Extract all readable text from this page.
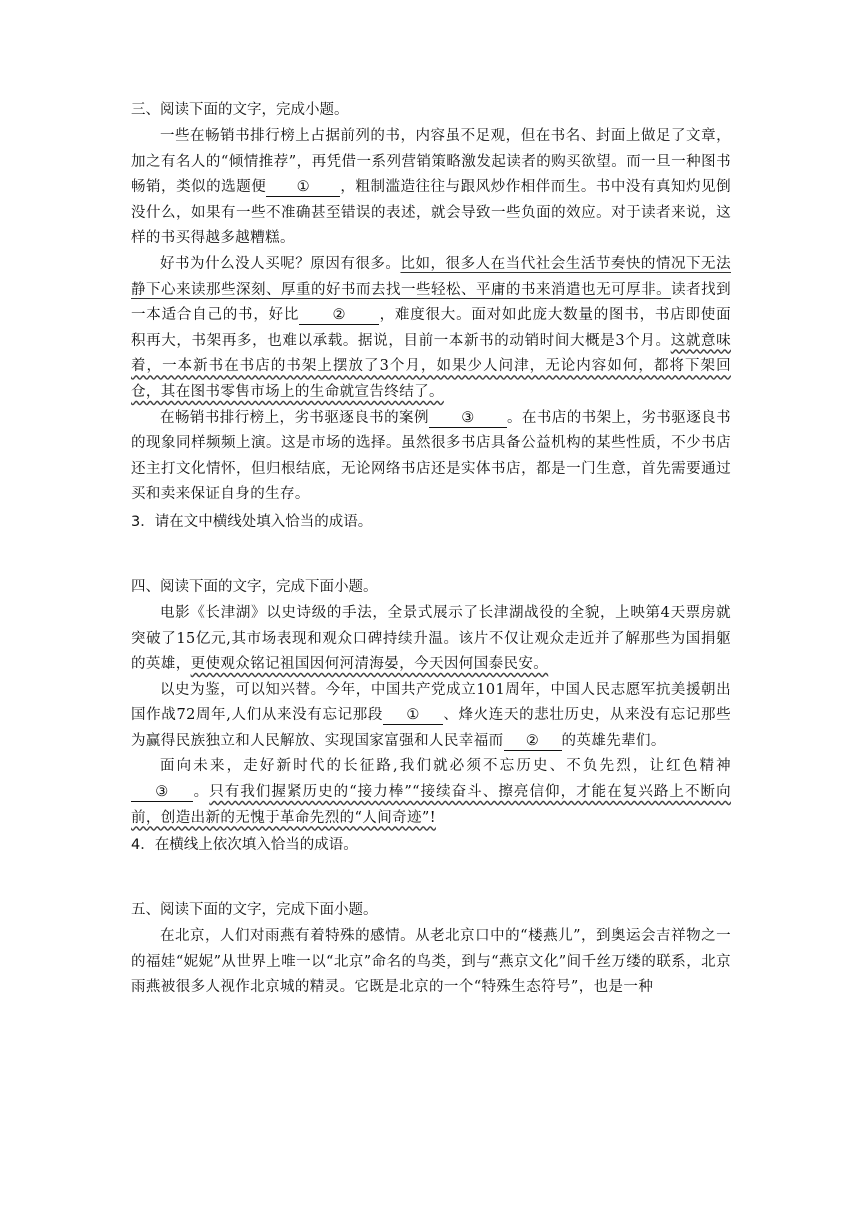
三、阅读下面的文字，完成小题。

一些在畅销书排行榜上占据前列的书，内容虽不足观，但在书名、封面上做足了文章，加之有名人的“倾情推荐”，再凭借一系列营销策略激发起读者的购买欲望。而一旦一种图书畅销，类似的选题便 ① ，粗制滥造往往与跟风炒作相伴而生。书中没有真知灼见倒没什么，如果有一些不准确甚至错误的表述，就会导致一些负面的效应。对于读者来说，这样的书买得越多越糟糕。

好书为什么没人买呢？原因有很多。比如，很多人在当代社会生活节奏快的情况下无法静下心来读那些深刻、厚重的好书而去找一些轻松、平庸的书来消遣也无可厚非。读者找到一本适合自己的书，好比 ② ，难度很大。面对如此庞大数量的图书，书店即使面积再大，书架再多，也难以承载。据说，目前一本新书的动销时间大概是3个月。这就意味着，一本新书在书店的书架上摆放了3个月，如果少人问津，无论内容如何，都将下架回仓，其在图书零售市场上的生命就宣告终结了。

在畅销书排行榜上，劣书驱逐良书的案例 ③ 。在书店的书架上，劣书驱逐良书的现象同样频频上演。这是市场的选择。虽然很多书店具备公益机构的某些性质，不少书店还主打文化情怀，但归根结底，无论网络书店还是实体书店，都是一门生意，首先需要通过买和卖来保证自身的生存。

3．请在文中横线处填入恰当的成语。

四、阅读下面的文字，完成下面小题。

电影《长津湖》以史诗级的手法，全景式展示了长津湖战役的全貌，上映第4天票房就突破了15亿元,其市场表现和观众口碑持续升温。该片不仅让观众走近并了解那些为国捐躯的英雄，更使观众铭记祖国因何河清海晏，今天因何国泰民安。

以史为鉴，可以知兴替。今年，中国共产党成立101周年，中国人民志愿军抗美援朝出国作战72周年,人们从来没有忘记那段 ① 、烽火连天的悲壮历史，从来没有忘记那些为赢得民族独立和人民解放、实现国家富强和人民幸福而 ② 的英雄先辈们。

面向未来，走好新时代的长征路,我们就必须不忘历史、不负先烈，让红色精神③ 。只有我们握紧历史的“接力棒”“接续奋斗、擦亮信仰，才能在复兴路上不断向前，创造出新的无愧于革命先烈的“人间奇迹”!

4．在横线上依次填入恰当的成语。

五、阅读下面的文字，完成下面小题。

在北京，人们对雨燕有着特殊的感情。从老北京口中的“楼燕儿”，到奥运会吉祥物之一的福娃“妮妮”从世界上唯一以“北京”命名的鸟类，到与“燕京文化”间千丝万缕的联系，北京雨燕被很多人视作北京城的精灵。它既是北京的一个“特殊生态符号”，也是一种
